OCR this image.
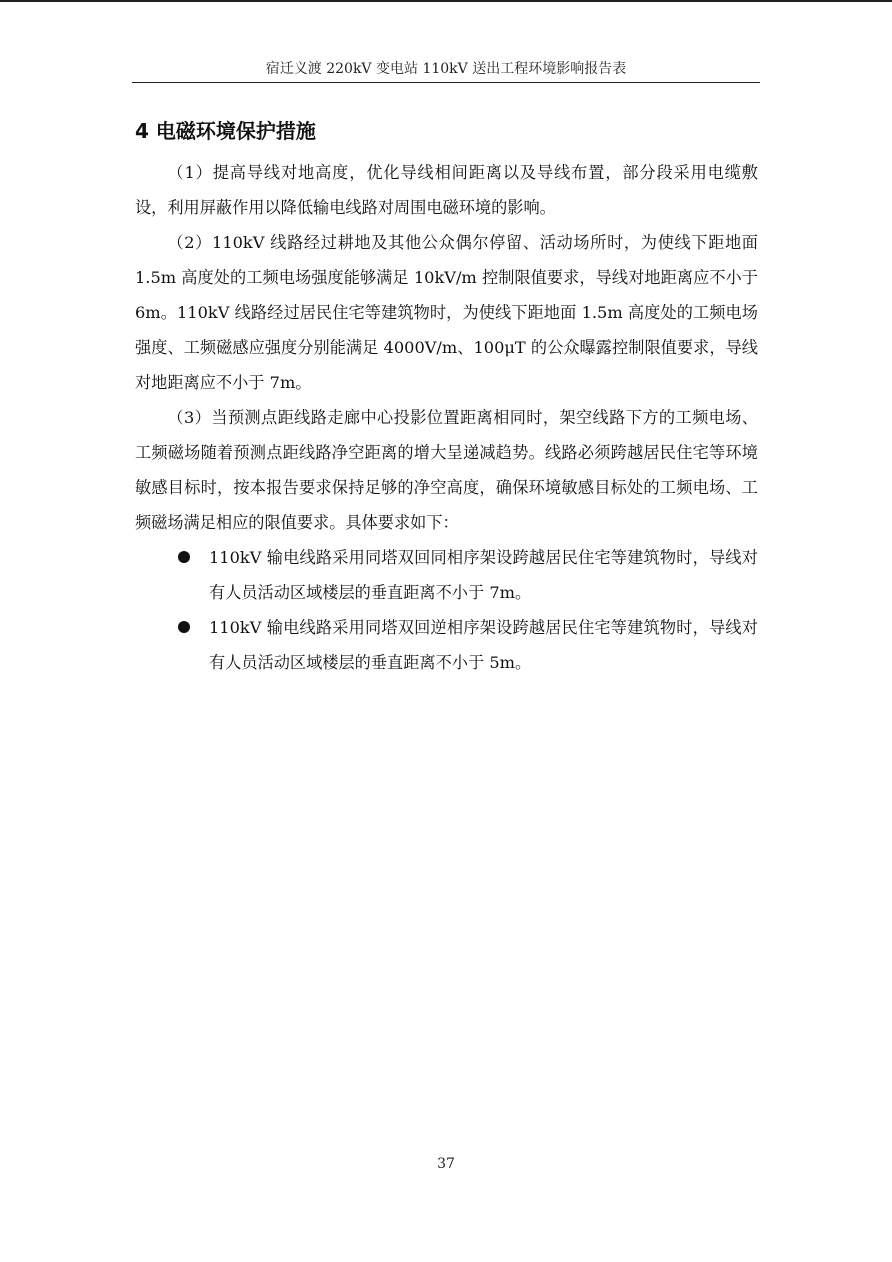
宿迁义渡 220kV 变电站 110kV 送出工程环境影响报告表
4 电磁环境保护措施

（1）提高导线对地高度，优化导线相间距离以及导线布置，部分段采用电缆敷设，利用屏蔽作用以降低输电线路对周围电磁环境的影响。

（2）110kV 线路经过耕地及其他公众偶尔停留、活动场所时，为使线下距地面 1.5m 高度处的工频电场强度能够满足 10kV/m 控制限值要求，导线对地距离应不小于 6m。110kV 线路经过居民住宅等建筑物时，为使线下距地面 1.5m 高度处的工频电场强度、工频磁感应强度分别能满足 4000V/m、100μT 的公众曝露控制限值要求，导线对地距离应不小于 7m。

（3）当预测点距线路走廊中心投影位置距离相同时，架空线路下方的工频电场、工频磁场随着预测点距线路净空距离的增大呈递减趋势。线路必须跨越居民住宅等环境敏感目标时，按本报告要求保持足够的净空高度，确保环境敏感目标处的工频电场、工频磁场满足相应的限值要求。具体要求如下：

110kV 输电线路采用同塔双回同相序架设跨越居民住宅等建筑物时，导线对有人员活动区域楼层的垂直距离不小于 7m。
110kV 输电线路采用同塔双回逆相序架设跨越居民住宅等建筑物时，导线对有人员活动区域楼层的垂直距离不小于 5m。
37
